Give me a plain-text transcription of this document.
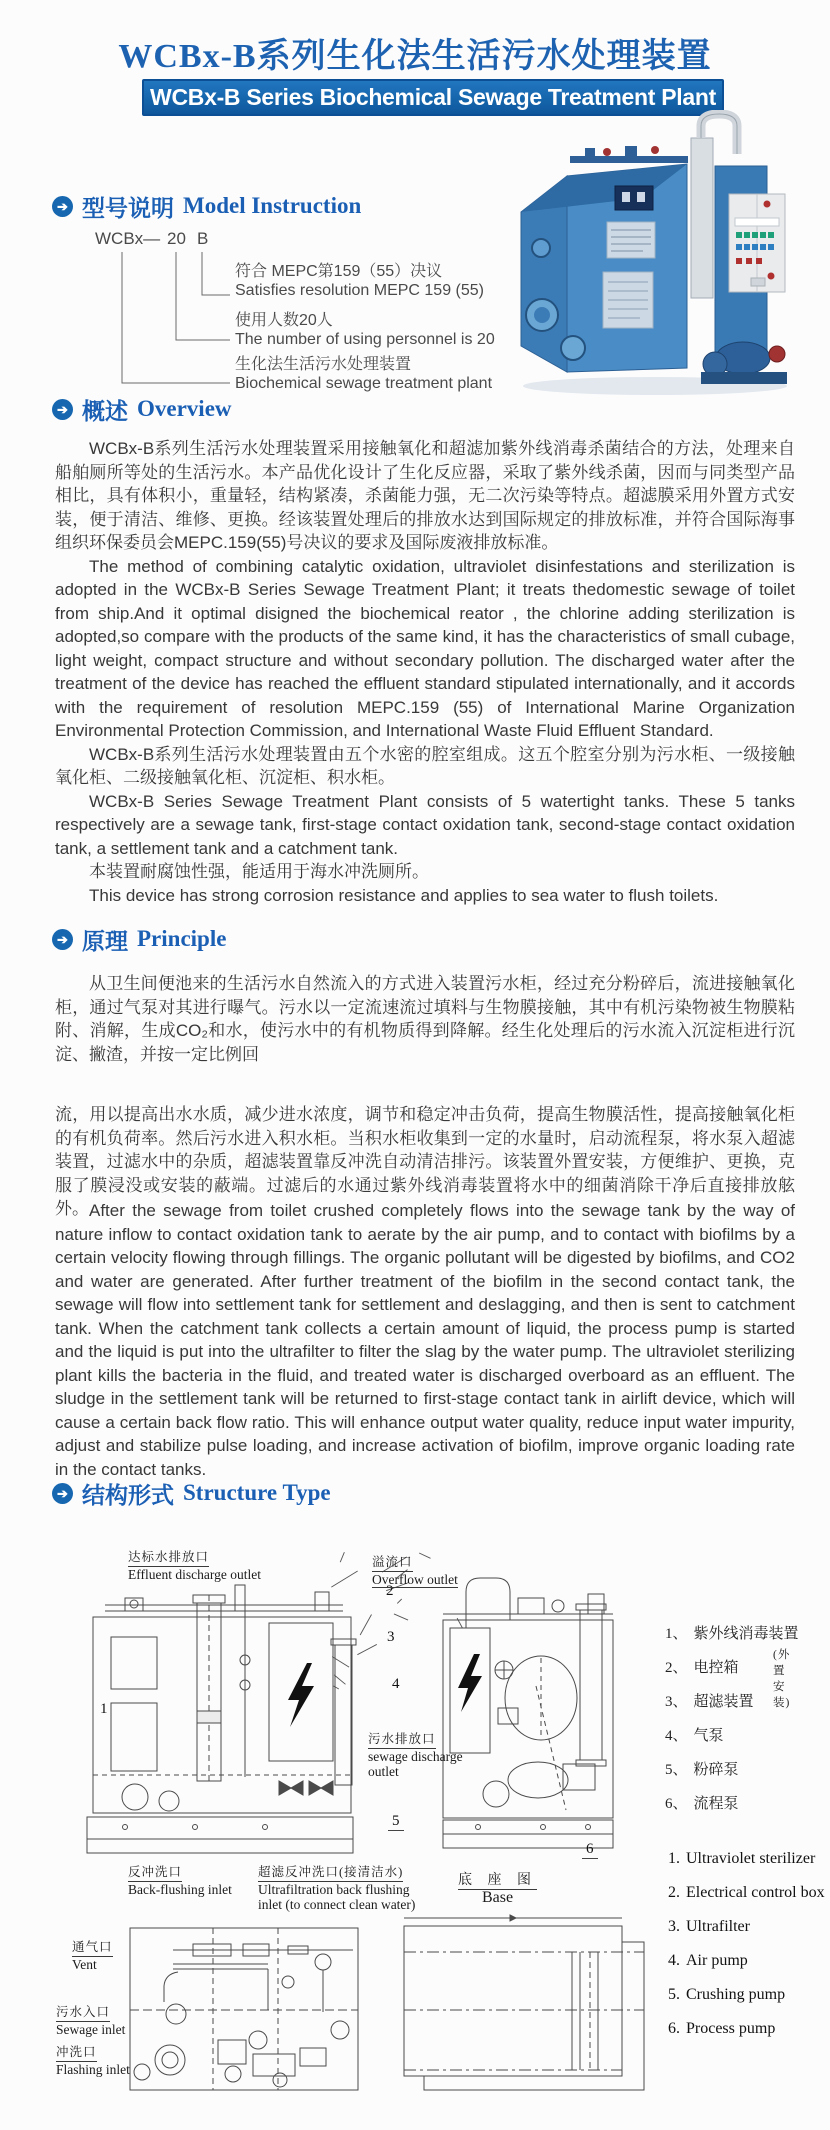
WCBx-B系列生化法生活污水处理装置
WCBx-B Series Biochemical Sewage Treatment Plant
➔ 型号说明 Model Instruction
WCBx— 20 B
符合 MEPC第159（55）决议
Satisfies resolution MEPC 159 (55)
使用人数20人
The number of using personnel is 20
生化法生活污水处理装置
Biochemical sewage treatment plant
➔ 概述 Overview

WCBx-B系列生活污水处理装置采用接触氧化和超滤加紫外线消毒杀菌结合的方法，处理来自船舶厕所等处的生活污水。本产品优化设计了生化反应器，采取了紫外线杀菌，因而与同类型产品相比，具有体积小，重量轻，结构紧凑，杀菌能力强，无二次污染等特点。超滤膜采用外置方式安装，便于清洁、维修、更换。经该装置处理后的排放水达到国际规定的排放标准，并符合国际海事组织环保委员会MEPC.159(55)号决议的要求及国际废液排放标准。

The method of combining catalytic oxidation, ultraviolet disinfestations and sterilization is adopted in the WCBx-B Series Sewage Treatment Plant; it treats thedomestic sewage of toilet from ship.And it optimal disigned the biochemical reator , the chlorine adding sterilization is adopted,so compare with the products of the same kind, it has the characteristics of small cubage, light weight, compact structure and without secondary pollution. The discharged water after the treatment of the device has reached the effluent standard stipulated internationally, and it accords with the requirement of resolution MEPC.159 (55) of International Marine Organization Environmental Protection Commission, and International Waste Fluid Effluent Standard.

WCBx-B系列生活污水处理装置由五个水密的腔室组成。这五个腔室分别为污水柜、一级接触氧化柜、二级接触氧化柜、沉淀柜、积水柜。

WCBx-B Series Sewage Treatment Plant consists of 5 watertight tanks. These 5 tanks respectively are a sewage tank, first-stage contact oxidation tank, second-stage contact oxidation tank, a settlement tank and a catchment tank.

本装置耐腐蚀性强，能适用于海水冲洗厕所。

This device has strong corrosion resistance and applies to sea water to flush toilets.

➔ 原理 Principle

从卫生间便池来的生活污水自然流入的方式进入装置污水柜，经过充分粉碎后，流进接触氧化柜，通过气泵对其进行曝气。污水以一定流速流过填料与生物膜接触，其中有机污染物被生物膜粘附、消解，生成CO₂和水，使污水中的有机物质得到降解。经生化处理后的污水流入沉淀柜进行沉淀、撇渣，并按一定比例回

流，用以提高出水水质，减少进水浓度，调节和稳定冲击负荷，提高生物膜活性，提高接触氧化柜的有机负荷率。然后污水进入积水柜。当积水柜收集到一定的水量时，启动流程泵，将水泵入超滤装置，过滤水中的杂质，超滤装置靠反冲洗自动清洁排污。该装置外置安装，方便维护、更换，克服了膜浸没或安装的蔽端。过滤后的水通过紫外线消毒装置将水中的细菌消除干净后直接排放舷外。 After the sewage from toilet crushed completely flows into the sewage tank by the way of nature inflow to contact oxidation tank to aerate by the air pump, and to contact with biofilms by a certain velocity flowing through fillings. The organic pollutant will be digested by biofilms, and CO2 and water are generated. After further treatment of the biofilm in the second contact tank, the sewage will flow into settlement tank for settlement and deslagging, and then is sent to catchment tank. When the catchment tank collects a certain amount of liquid, the process pump is started and the liquid is put into the ultrafilter to filter the slag by the water pump. The ultraviolet sterilizing plant kills the bacteria in the fluid, and treated water is discharged overboard as an effluent. The sludge in the settlement tank will be returned to first-stage contact tank in airlift device, which will cause a certain back flow ratio. This will enhance output water quality, reduce input water impurity, adjust and stabilize pulse loading, and increase activation of biofilm, improve organic loading rate in the contact tanks.

➔ 结构形式 Structure Type
1
2
3
4
5
6
达标水排放口
Effluent discharge outlet
溢流口
Overflow outlet
污水排放口
sewage discharge
outlet
反冲洗口
Back-flushing inlet
超滤反冲洗口(接清洁水)
Ultrafiltration back flushing
inlet (to connect clean water)
通气口
Vent
污水入口
Sewage inlet
冲洗口
Flashing inlet
底 座 图
Base
1、 紫外线消毒装置
2、 电控箱
(外置安装)
3、 超滤装置
4、 气泵
5、 粉碎泵
6、 流程泵
1. Ultraviolet sterilizer
2. Electrical control box
3. Ultrafilter
4. Air pump
5. Crushing pump
6. Process pump
